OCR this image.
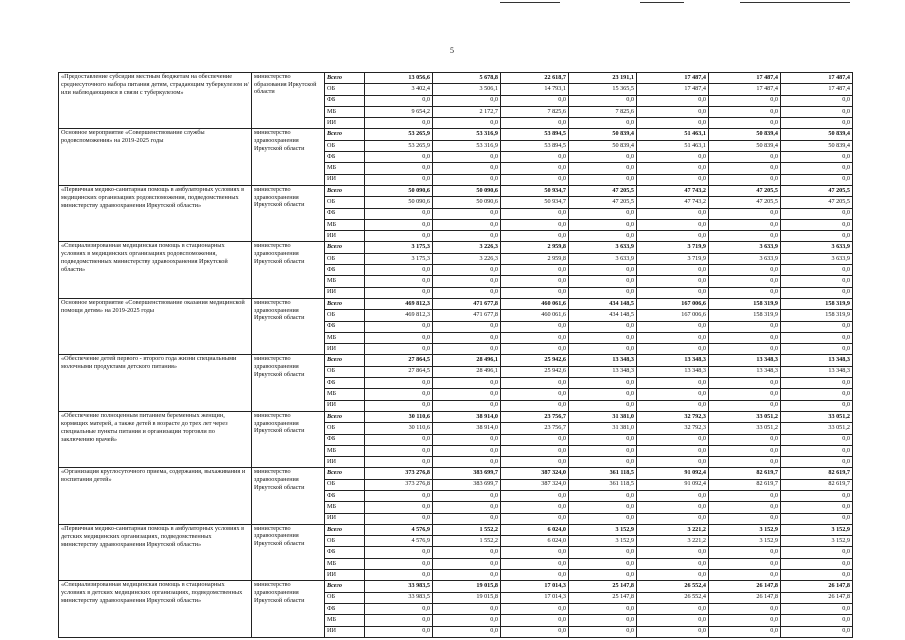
5
«Предоставление субсидии местным бюджетам на обеспечение среднесуточного набора питания детям, страдающим туберкулезом и/или наблюдающимся в связи с туберкулезом»	министерство образования Иркутской области	Всего	13 056,6	5 678,8	22 618,7	23 191,1	17 487,4	17 487,4	17 487,4
		ОБ	3 402,4	3 506,1	14 793,1	15 365,5	17 487,4	17 487,4	17 487,4
		ФБ	0,0	0,0	0,0	0,0	0,0	0,0	0,0
		МБ	9 654,2	2 172,7	7 825,6	7 825,6	0,0	0,0	0,0
		ИИ	0,0	0,0	0,0	0,0	0,0	0,0	0,0
Основное мероприятие «Совершенствование службы родовспоможения» на 2019-2025 годы	министерство здравоохранения Иркутской области	Всего	53 265,9	53 316,9	53 894,5	50 839,4	51 463,1	50 839,4	50 839,4
		ОБ	53 265,9	53 316,9	53 894,5	50 839,4	51 463,1	50 839,4	50 839,4
		ФБ	0,0	0,0	0,0	0,0	0,0	0,0	0,0
		МБ	0,0	0,0	0,0	0,0	0,0	0,0	0,0
		ИИ	0,0	0,0	0,0	0,0	0,0	0,0	0,0
«Первичная медико-санитарная помощь в амбулаторных условиях в медицинских организациях родовспоможения, подведомственных министерству здравоохранения Иркутской области»	министерство здравоохранения Иркутской области	Всего	50 090,6	50 090,6	50 934,7	47 205,5	47 743,2	47 205,5	47 205,5
		ОБ	50 090,6	50 090,6	50 934,7	47 205,5	47 743,2	47 205,5	47 205,5
		ФБ	0,0	0,0	0,0	0,0	0,0	0,0	0,0
		МБ	0,0	0,0	0,0	0,0	0,0	0,0	0,0
		ИИ	0,0	0,0	0,0	0,0	0,0	0,0	0,0
«Специализированная медицинская помощь в стационарных условиях в медицинских организациях родовспоможения, подведомственных министерству здравоохранения Иркутской области»	министерство здравоохранения Иркутской области	Всего	3 175,3	3 226,3	2 959,8	3 633,9	3 719,9	3 633,9	3 633,9
		ОБ	3 175,3	3 226,3	2 959,8	3 633,9	3 719,9	3 633,9	3 633,9
		ФБ	0,0	0,0	0,0	0,0	0,0	0,0	0,0
		МБ	0,0	0,0	0,0	0,0	0,0	0,0	0,0
		ИИ	0,0	0,0	0,0	0,0	0,0	0,0	0,0
Основное мероприятие «Совершенствование оказания медицинской помощи детям» на 2019-2025 годы	министерство здравоохранения Иркутской области	Всего	469 812,3	471 677,8	460 061,6	434 148,5	167 006,6	158 319,9	158 319,9
		ОБ	469 812,3	471 677,8	460 061,6	434 148,5	167 006,6	158 319,9	158 319,9
		ФБ	0,0	0,0	0,0	0,0	0,0	0,0	0,0
		МБ	0,0	0,0	0,0	0,0	0,0	0,0	0,0
		ИИ	0,0	0,0	0,0	0,0	0,0	0,0	0,0
«Обеспечение детей первого - второго года жизни специальными молочными продуктами детского питания»	министерство здравоохранения Иркутской области	Всего	27 864,5	28 496,1	25 942,6	13 348,3	13 348,3	13 348,3	13 348,3
		ОБ	27 864,5	28 496,1	25 942,6	13 348,3	13 348,3	13 348,3	13 348,3
		ФБ	0,0	0,0	0,0	0,0	0,0	0,0	0,0
		МБ	0,0	0,0	0,0	0,0	0,0	0,0	0,0
		ИИ	0,0	0,0	0,0	0,0	0,0	0,0	0,0
«Обеспечение полноценным питанием беременных женщин, кормящих матерей, а также детей в возрасте до трех лет через специальные пункты питания и организации торговли по заключению врачей»	министерство здравоохранения Иркутской области	Всего	30 110,6	38 914,0	23 756,7	31 381,0	32 792,3	33 051,2	33 051,2
		ОБ	30 110,6	38 914,0	23 756,7	31 381,0	32 792,3	33 051,2	33 051,2
		ФБ	0,0	0,0	0,0	0,0	0,0	0,0	0,0
		МБ	0,0	0,0	0,0	0,0	0,0	0,0	0,0
		ИИ	0,0	0,0	0,0	0,0	0,0	0,0	0,0
«Организация круглосуточного приема, содержания, выхаживания и воспитания детей»	министерство здравоохранения Иркутской области	Всего	373 276,8	383 699,7	387 324,0	361 118,5	91 092,4	82 619,7	82 619,7
		ОБ	373 276,8	383 699,7	387 324,0	361 118,5	91 092,4	82 619,7	82 619,7
		ФБ	0,0	0,0	0,0	0,0	0,0	0,0	0,0
		МБ	0,0	0,0	0,0	0,0	0,0	0,0	0,0
		ИИ	0,0	0,0	0,0	0,0	0,0	0,0	0,0
«Первичная медико-санитарная помощь в амбулаторных условиях в детских медицинских организациях, подведомственных министерству здравоохранения Иркутской области»	министерство здравоохранения Иркутской области	Всего	4 576,9	1 552,2	6 024,0	3 152,9	3 221,2	3 152,9	3 152,9
		ОБ	4 576,9	1 552,2	6 024,0	3 152,9	3 221,2	3 152,9	3 152,9
		ФБ	0,0	0,0	0,0	0,0	0,0	0,0	0,0
		МБ	0,0	0,0	0,0	0,0	0,0	0,0	0,0
		ИИ	0,0	0,0	0,0	0,0	0,0	0,0	0,0
«Специализированная медицинская помощь в стационарных условиях в детских медицинских организациях, подведомственных министерству здравоохранения Иркутской области»	министерство здравоохранения Иркутской области	Всего	33 983,5	19 015,8	17 014,3	25 147,8	26 552,4	26 147,8	26 147,8
		ОБ	33 983,5	19 015,8	17 014,3	25 147,8	26 552,4	26 147,8	26 147,8
		ФБ	0,0	0,0	0,0	0,0	0,0	0,0	0,0
		МБ	0,0	0,0	0,0	0,0	0,0	0,0	0,0
		ИИ	0,0	0,0	0,0	0,0	0,0	0,0	0,0
